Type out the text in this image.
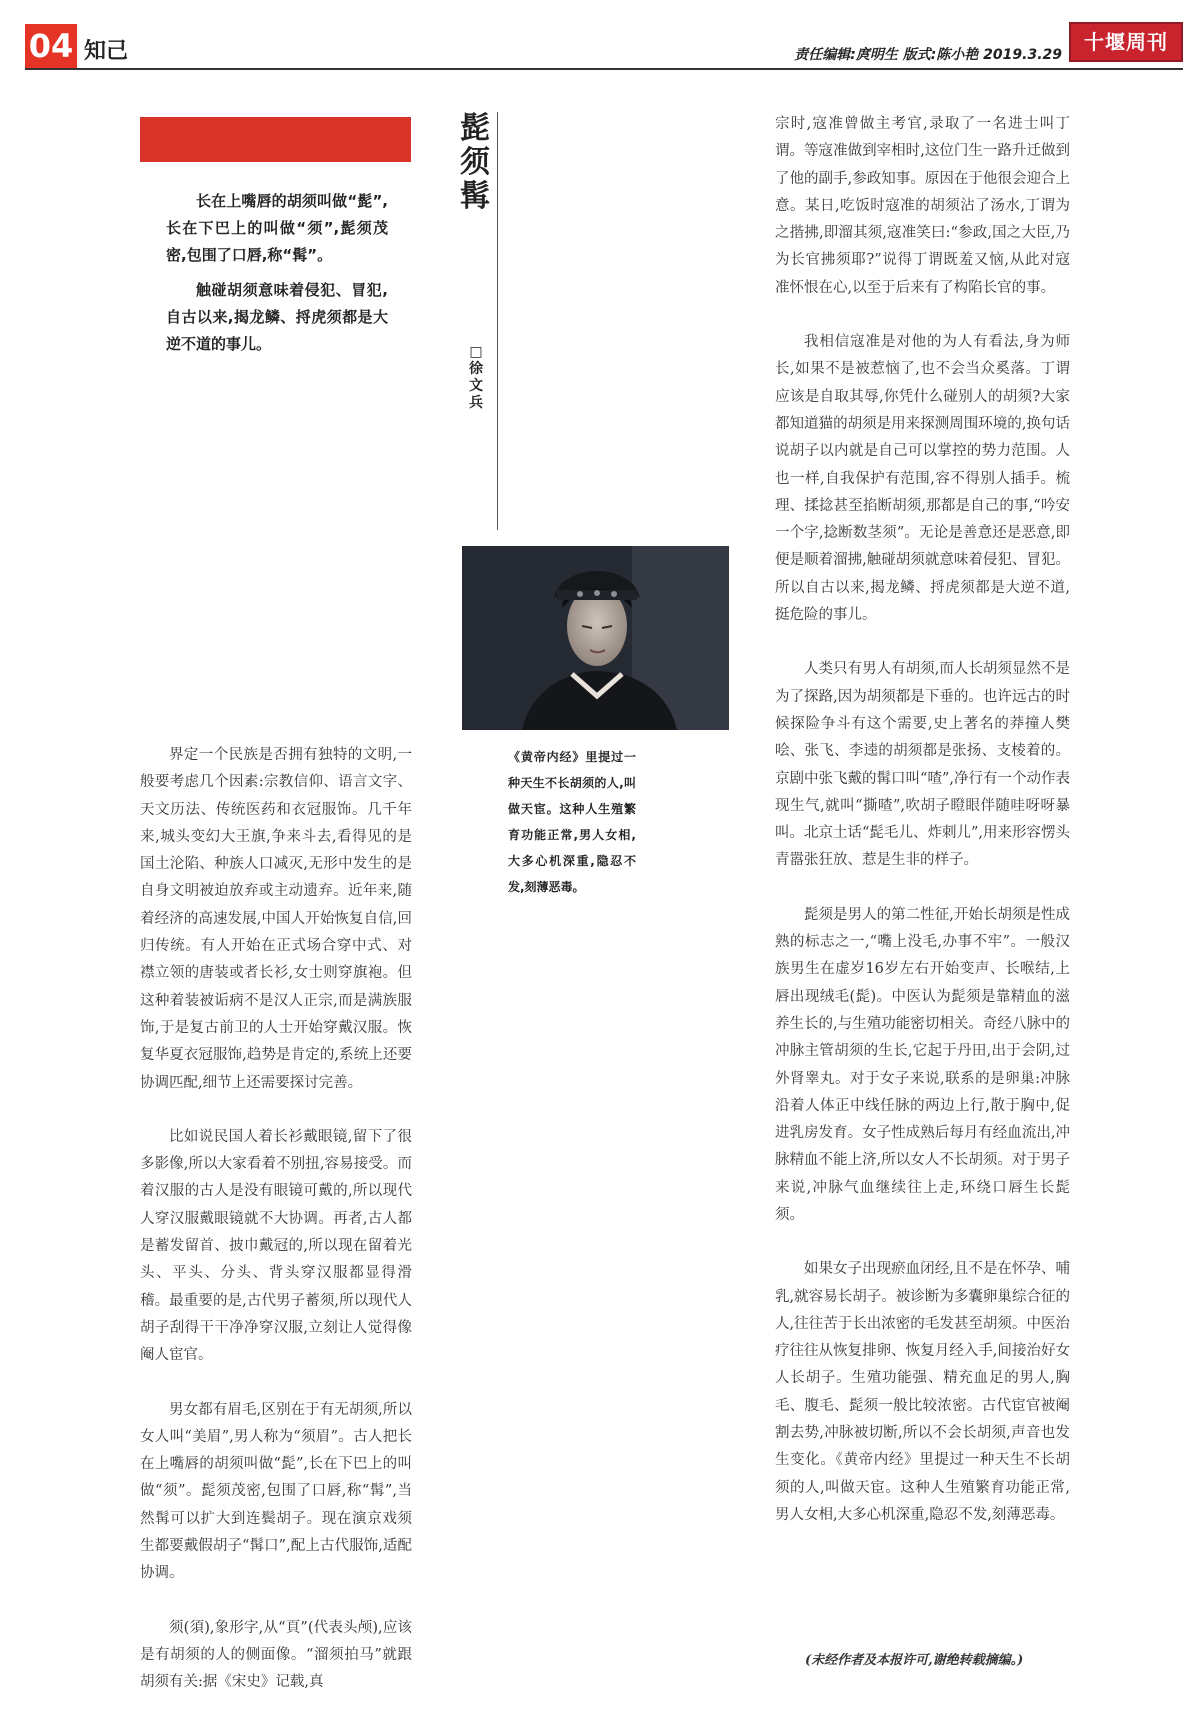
04 知己	责任编辑:庹明生 版式:陈小艳 2019.3.29
十堰周刊

长在上嘴唇的胡须叫做“髭”,长在下巴上的叫做“须”,髭须茂密,包围了口唇,称“髯”。

触碰胡须意味着侵犯、冒犯,自古以来,揭龙鳞、捋虎须都是大逆不道的事儿。

髭须髯
□徐文兵
《黄帝内经》里提过一种天生不长胡须的人,叫做天宦。这种人生殖繁育功能正常,男人女相,大多心机深重,隐忍不发,刻薄恶毒。

界定一个民族是否拥有独特的文明,一般要考虑几个因素:宗教信仰、语言文字、天文历法、传统医药和衣冠服饰。几千年来,城头变幻大王旗,争来斗去,看得见的是国土沦陷、种族人口减灭,无形中发生的是自身文明被迫放弃或主动遗弃。近年来,随着经济的高速发展,中国人开始恢复自信,回归传统。有人开始在正式场合穿中式、对襟立领的唐装或者长衫,女士则穿旗袍。但这种着装被诟病不是汉人正宗,而是满族服饰,于是复古前卫的人士开始穿戴汉服。恢复华夏衣冠服饰,趋势是肯定的,系统上还要协调匹配,细节上还需要探讨完善。

比如说民国人着长衫戴眼镜,留下了很多影像,所以大家看着不别扭,容易接受。而着汉服的古人是没有眼镜可戴的,所以现代人穿汉服戴眼镜就不大协调。再者,古人都是蓄发留首、披巾戴冠的,所以现在留着光头、平头、分头、背头穿汉服都显得滑稽。最重要的是,古代男子蓄须,所以现代人胡子刮得干干净净穿汉服,立刻让人觉得像阉人宦官。

男女都有眉毛,区别在于有无胡须,所以女人叫“美眉”,男人称为“须眉”。古人把长在上嘴唇的胡须叫做“髭”,长在下巴上的叫做“须”。髭须茂密,包围了口唇,称“髯”,当然髯可以扩大到连鬓胡子。现在演京戏须生都要戴假胡子“髯口”,配上古代服饰,适配协调。

须(須),象形字,从“頁”(代表头颅),应该是有胡须的人的侧面像。“溜须拍马”就跟胡须有关:据《宋史》记载,真

宗时,寇准曾做主考官,录取了一名进士叫丁谓。等寇准做到宰相时,这位门生一路升迁做到了他的副手,参政知事。原因在于他很会迎合上意。某日,吃饭时寇准的胡须沾了汤水,丁谓为之揩拂,即溜其须,寇准笑曰:“参政,国之大臣,乃为长官拂须耶?”说得丁谓既羞又恼,从此对寇准怀恨在心,以至于后来有了构陷长官的事。

我相信寇准是对他的为人有看法,身为师长,如果不是被惹恼了,也不会当众奚落。丁谓应该是自取其辱,你凭什么碰别人的胡须?大家都知道猫的胡须是用来探测周围环境的,换句话说胡子以内就是自己可以掌控的势力范围。人也一样,自我保护有范围,容不得别人插手。梳理、揉捻甚至掐断胡须,那都是自己的事,“吟安一个字,捻断数茎须”。无论是善意还是恶意,即便是顺着溜拂,触碰胡须就意味着侵犯、冒犯。所以自古以来,揭龙鳞、捋虎须都是大逆不道,挺危险的事儿。

人类只有男人有胡须,而人长胡须显然不是为了探路,因为胡须都是下垂的。也许远古的时候探险争斗有这个需要,史上著名的莽撞人樊哙、张飞、李逵的胡须都是张扬、支棱着的。京剧中张飞戴的髯口叫“喳”,净行有一个动作表现生气,就叫“撕喳”,吹胡子瞪眼伴随哇呀呀暴叫。北京土话“髭毛儿、炸刺儿”,用来形容愣头青嚣张狂放、惹是生非的样子。

髭须是男人的第二性征,开始长胡须是性成熟的标志之一,“嘴上没毛,办事不牢”。一般汉族男生在虚岁16岁左右开始变声、长喉结,上唇出现绒毛(髭)。中医认为髭须是靠精血的滋养生长的,与生殖功能密切相关。奇经八脉中的冲脉主管胡须的生长,它起于丹田,出于会阴,过外肾睾丸。对于女子来说,联系的是卵巢:冲脉沿着人体正中线任脉的两边上行,散于胸中,促进乳房发育。女子性成熟后每月有经血流出,冲脉精血不能上济,所以女人不长胡须。对于男子来说,冲脉气血继续往上走,环绕口唇生长髭须。

如果女子出现瘀血闭经,且不是在怀孕、哺乳,就容易长胡子。被诊断为多囊卵巢综合征的人,往往苦于长出浓密的毛发甚至胡须。中医治疗往往从恢复排卵、恢复月经入手,间接治好女人长胡子。生殖功能强、精充血足的男人,胸毛、腹毛、髭须一般比较浓密。古代宦官被阉割去势,冲脉被切断,所以不会长胡须,声音也发生变化。《黄帝内经》里提过一种天生不长胡须的人,叫做天宦。这种人生殖繁育功能正常,男人女相,大多心机深重,隐忍不发,刻薄恶毒。

(未经作者及本报许可,谢绝转载摘编。)
